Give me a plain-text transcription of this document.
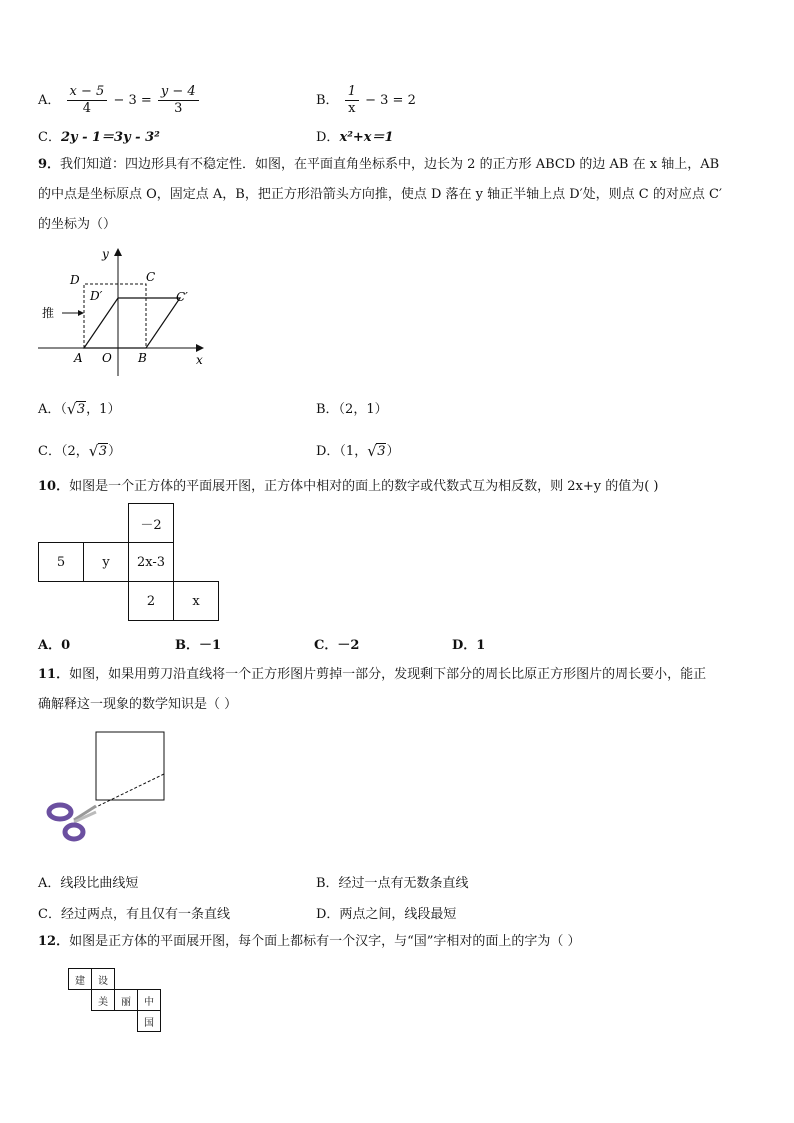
A． $\frac{x - 5}{4} - 3 = \frac{y - 4}{3}$	B． $\frac{1}{x} - 3 = 2$
C．2y - 1＝3y - 3²	D．x²+x＝1
9．我们知道：四边形具有不稳定性．如图，在平面直角坐标系中，边长为 2 的正方形 ABCD 的边 AB 在 x 轴上，AB
的中点是坐标原点 O，固定点 A，B，把正方形沿箭头方向推，使点 D 落在 y 轴正半轴上点 D′处，则点 C 的对应点 C′
的坐标为（）
推
y
x
D	C
D′	C′
A O B
A．（ √ 3，1）	B．（2，1）
C．（2， √ 3）	D．（1， √ 3）
10．如图是一个正方体的平面展开图，正方体中相对的面上的数字或代数式互为相反数，则 2x+y 的值为( )
		－2	
5	y	2x-3	
		2	x
A．0	B．－1	C．－2	D．1
11．如图，如果用剪刀沿直线将一个正方形图片剪掉一部分，发现剩下部分的周长比原正方形图片的周长要小，能正
确解释这一现象的数学知识是（ ）
A．线段比曲线短	B．经过一点有无数条直线
C．经过两点，有且仅有一条直线	D．两点之间，线段最短
12．如图是正方体的平面展开图，每个面上都标有一个汉字，与“国”字相对的面上的字为（ ）
建	设		
	美	丽	中
			国
